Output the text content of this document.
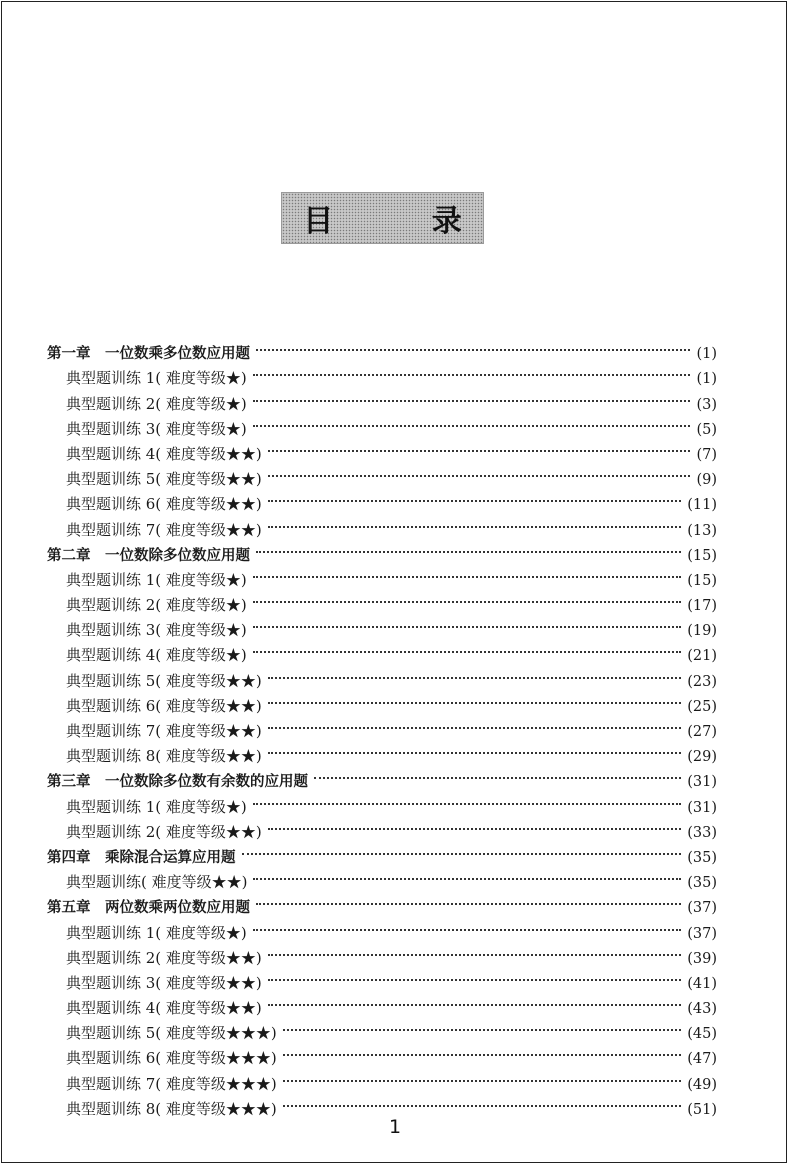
目 录
第一章　一位数乘多位数应用题	(1)
典型题训练 1( 难度等级★)	(1)
典型题训练 2( 难度等级★)	(3)
典型题训练 3( 难度等级★)	(5)
典型题训练 4( 难度等级★★)	(7)
典型题训练 5( 难度等级★★)	(9)
典型题训练 6( 难度等级★★)	(11)
典型题训练 7( 难度等级★★)	(13)
第二章　一位数除多位数应用题	(15)
典型题训练 1( 难度等级★)	(15)
典型题训练 2( 难度等级★)	(17)
典型题训练 3( 难度等级★)	(19)
典型题训练 4( 难度等级★)	(21)
典型题训练 5( 难度等级★★)	(23)
典型题训练 6( 难度等级★★)	(25)
典型题训练 7( 难度等级★★)	(27)
典型题训练 8( 难度等级★★)	(29)
第三章　一位数除多位数有余数的应用题	(31)
典型题训练 1( 难度等级★)	(31)
典型题训练 2( 难度等级★★)	(33)
第四章　乘除混合运算应用题	(35)
典型题训练( 难度等级★★)	(35)
第五章　两位数乘两位数应用题	(37)
典型题训练 1( 难度等级★)	(37)
典型题训练 2( 难度等级★★)	(39)
典型题训练 3( 难度等级★★)	(41)
典型题训练 4( 难度等级★★)	(43)
典型题训练 5( 难度等级★★★)	(45)
典型题训练 6( 难度等级★★★)	(47)
典型题训练 7( 难度等级★★★)	(49)
典型题训练 8( 难度等级★★★)	(51)
1
